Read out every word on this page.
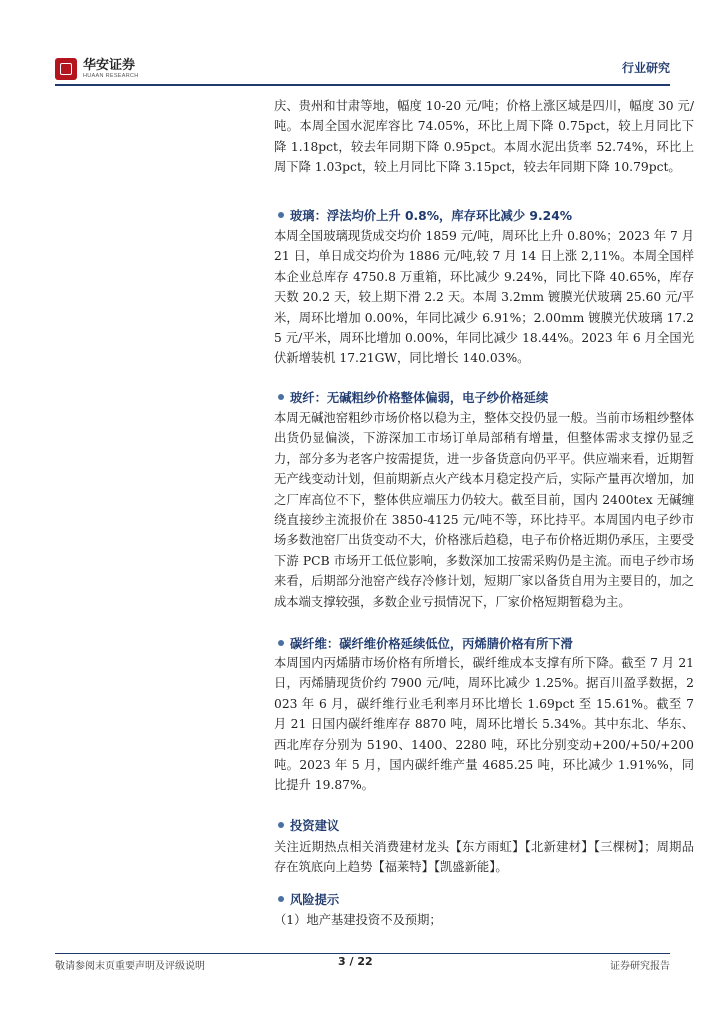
华安证券
HUAAN RESEARCH
行业研究
庆、贵州和甘肃等地，幅度 10-20 元/吨；价格上涨区域是四川，幅度 30 元/吨。本周全国水泥库容比 74.05%，环比上周下降 0.75pct，较上月同比下降 1.18pct，较去年同期下降 0.95pct。本周水泥出货率 52.74%，环比上周下降 1.03pct，较上月同比下降 3.15pct，较去年同期下降 10.79pct。
玻璃：浮法均价上升 0.8%，库存环比减少 9.24%
本周全国玻璃现货成交均价 1859 元/吨，周环比上升 0.80%；2023 年 7 月 21 日，单日成交均价为 1886 元/吨,较 7 月 14 日上涨 2,11%。本周全国样本企业总库存 4750.8 万重箱，环比减少 9.24%，同比下降 40.65%，库存天数 20.2 天，较上期下滑 2.2 天。本周 3.2mm 镀膜光伏玻璃 25.60 元/平米，周环比增加 0.00%，年同比减少 6.91%；2.00mm 镀膜光伏玻璃 17.25 元/平米，周环比增加 0.00%，年同比减少 18.44%。2023 年 6 月全国光伏新增装机 17.21GW，同比增长 140.03%。
玻纤：无碱粗纱价格整体偏弱，电子纱价格延续
本周无碱池窑粗纱市场价格以稳为主，整体交投仍显一般。当前市场粗纱整体出货仍显偏淡，下游深加工市场订单局部稍有增量，但整体需求支撑仍显乏力，部分多为老客户按需提货，进一步备货意向仍平平。供应端来看，近期暂无产线变动计划，但前期新点火产线本月稳定投产后，实际产量再次增加，加之厂库高位不下，整体供应端压力仍较大。截至目前，国内 2400tex 无碱缠绕直接纱主流报价在 3850-4125 元/吨不等，环比持平。本周国内电子纱市场多数池窑厂出货变动不大，价格涨后趋稳，电子布价格近期仍承压，主要受下游 PCB 市场开工低位影响，多数深加工按需采购仍是主流。而电子纱市场来看，后期部分池窑产线存冷修计划，短期厂家以备货自用为主要目的，加之成本端支撑较强，多数企业亏损情况下，厂家价格短期暂稳为主。
碳纤维：碳纤维价格延续低位，丙烯腈价格有所下滑
本周国内丙烯腈市场价格有所增长，碳纤维成本支撑有所下降。截至 7 月 21 日，丙烯腈现货价约 7900 元/吨，周环比减少 1.25%。据百川盈孚数据，2023 年 6 月，碳纤维行业毛利率月环比增长 1.69pct 至 15.61%。截至 7 月 21 日国内碳纤维库存 8870 吨，周环比增长 5.34%。其中东北、华东、西北库存分别为 5190、1400、2280 吨，环比分别变动+200/+50/+200 吨。2023 年 5 月，国内碳纤维产量 4685.25 吨，环比减少 1.91%%，同比提升 19.87%。
投资建议
关注近期热点相关消费建材龙头【东方雨虹】【北新建材】【三棵树】；周期品存在筑底向上趋势【福莱特】【凯盛新能】。
风险提示
（1）地产基建投资不及预期；
敬请参阅末页重要声明及评级说明	3 / 22	证券研究报告
